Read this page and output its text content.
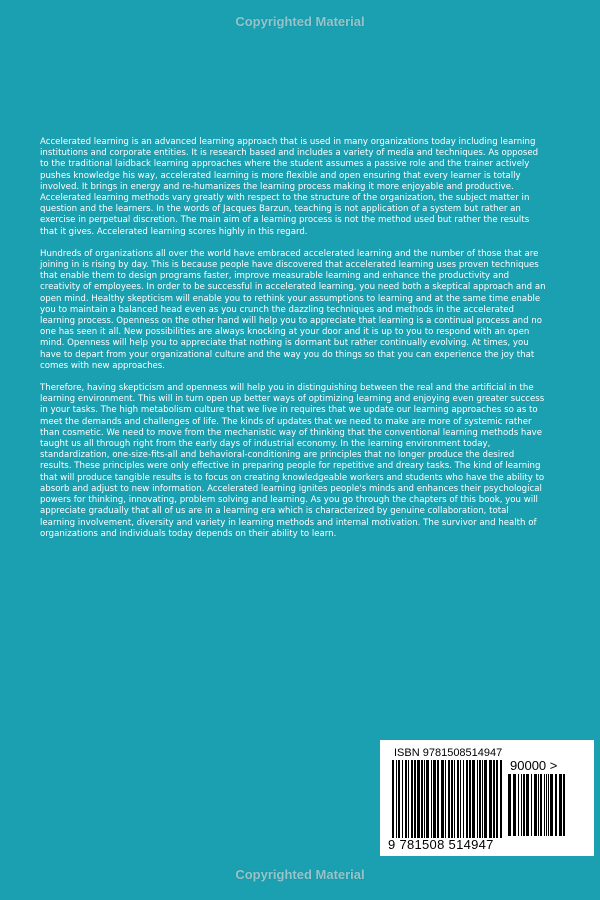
Copyrighted Material

Accelerated learning is an advanced learning approach that is used in many organizations today including learning institutions and corporate entities. It is research based and includes a variety of media and techniques. As opposed to the traditional laidback learning approaches where the student assumes a passive role and the trainer actively pushes knowledge his way, accelerated learning is more flexible and open ensuring that every learner is totally involved. It brings in energy and re-humanizes the learning process making it more enjoyable and productive. Accelerated learning methods vary greatly with respect to the structure of the organization, the subject matter in question and the learners. In the words of Jacques Barzun, teaching is not application of a system but rather an exercise in perpetual discretion. The main aim of a learning process is not the method used but rather the results that it gives. Accelerated learning scores highly in this regard.

Hundreds of organizations all over the world have embraced accelerated learning and the number of those that are joining in is rising by day. This is because people have discovered that accelerated learning uses proven techniques that enable them to design programs faster, improve measurable learning and enhance the productivity and creativity of employees. In order to be successful in accelerated learning, you need both a skeptical approach and an open mind. Healthy skepticism will enable you to rethink your assumptions to learning and at the same time enable you to maintain a balanced head even as you crunch the dazzling techniques and methods in the accelerated learning process. Openness on the other hand will help you to appreciate that learning is a continual process and no one has seen it all. New possibilities are always knocking at your door and it is up to you to respond with an open mind. Openness will help you to appreciate that nothing is dormant but rather continually evolving. At times, you have to depart from your organizational culture and the way you do things so that you can experience the joy that comes with new approaches.

Therefore, having skepticism and openness will help you in distinguishing between the real and the artificial in the learning environment. This will in turn open up better ways of optimizing learning and enjoying even greater success in your tasks. The high metabolism culture that we live in requires that we update our learning approaches so as to meet the demands and challenges of life. The kinds of updates that we need to make are more of systemic rather than cosmetic. We need to move from the mechanistic way of thinking that the conventional learning methods have taught us all through right from the early days of industrial economy. In the learning environment today, standardization, one-size-fits-all and behavioral-conditioning are principles that no longer produce the desired results. These principles were only effective in preparing people for repetitive and dreary tasks. The kind of learning that will produce tangible results is to focus on creating knowledgeable workers and students who have the ability to absorb and adjust to new information. Accelerated learning ignites people's minds and enhances their psychological powers for thinking, innovating, problem solving and learning. As you go through the chapters of this book, you will appreciate gradually that all of us are in a learning era which is characterized by genuine collaboration, total learning involvement, diversity and variety in learning methods and internal motivation. The survivor and health of organizations and individuals today depends on their ability to learn.

ISBN 9781508514947
90000 >
9 781508 514947
Copyrighted Material
